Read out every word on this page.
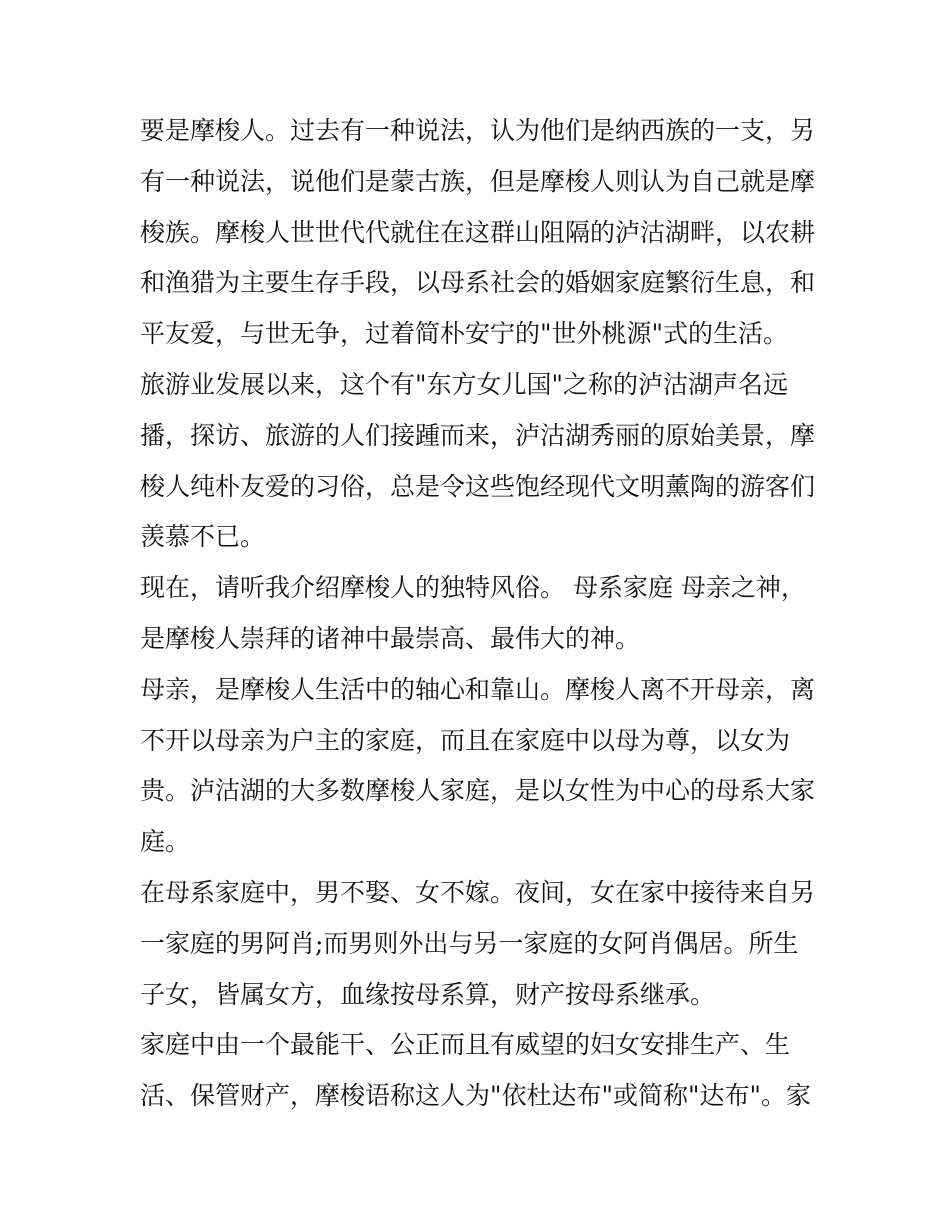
要是摩梭人。过去有一种说法，认为他们是纳西族的一支，另
有一种说法，说他们是蒙古族，但是摩梭人则认为自己就是摩
梭族。摩梭人世世代代就住在这群山阻隔的泸沽湖畔，以农耕
和渔猎为主要生存手段，以母系社会的婚姻家庭繁衍生息，和
平友爱，与世无争，过着简朴安宁的"世外桃源"式的生活。
旅游业发展以来，这个有"东方女儿国"之称的泸沽湖声名远
播，探访、旅游的人们接踵而来，泸沽湖秀丽的原始美景，摩
梭人纯朴友爱的习俗，总是令这些饱经现代文明薰陶的游客们
羡慕不已。
现在，请听我介绍摩梭人的独特风俗。 母系家庭 母亲之神，
是摩梭人崇拜的诸神中最崇高、最伟大的神。
母亲，是摩梭人生活中的轴心和靠山。摩梭人离不开母亲，离
不开以母亲为户主的家庭，而且在家庭中以母为尊，以女为
贵。泸沽湖的大多数摩梭人家庭，是以女性为中心的母系大家
庭。
在母系家庭中，男不娶、女不嫁。夜间，女在家中接待来自另
一家庭的男阿肖;而男则外出与另一家庭的女阿肖偶居。所生
子女，皆属女方，血缘按母系算，财产按母系继承。
家庭中由一个最能干、公正而且有威望的妇女安排生产、生
活、保管财产，摩梭语称这人为"依杜达布"或简称"达布"。家
